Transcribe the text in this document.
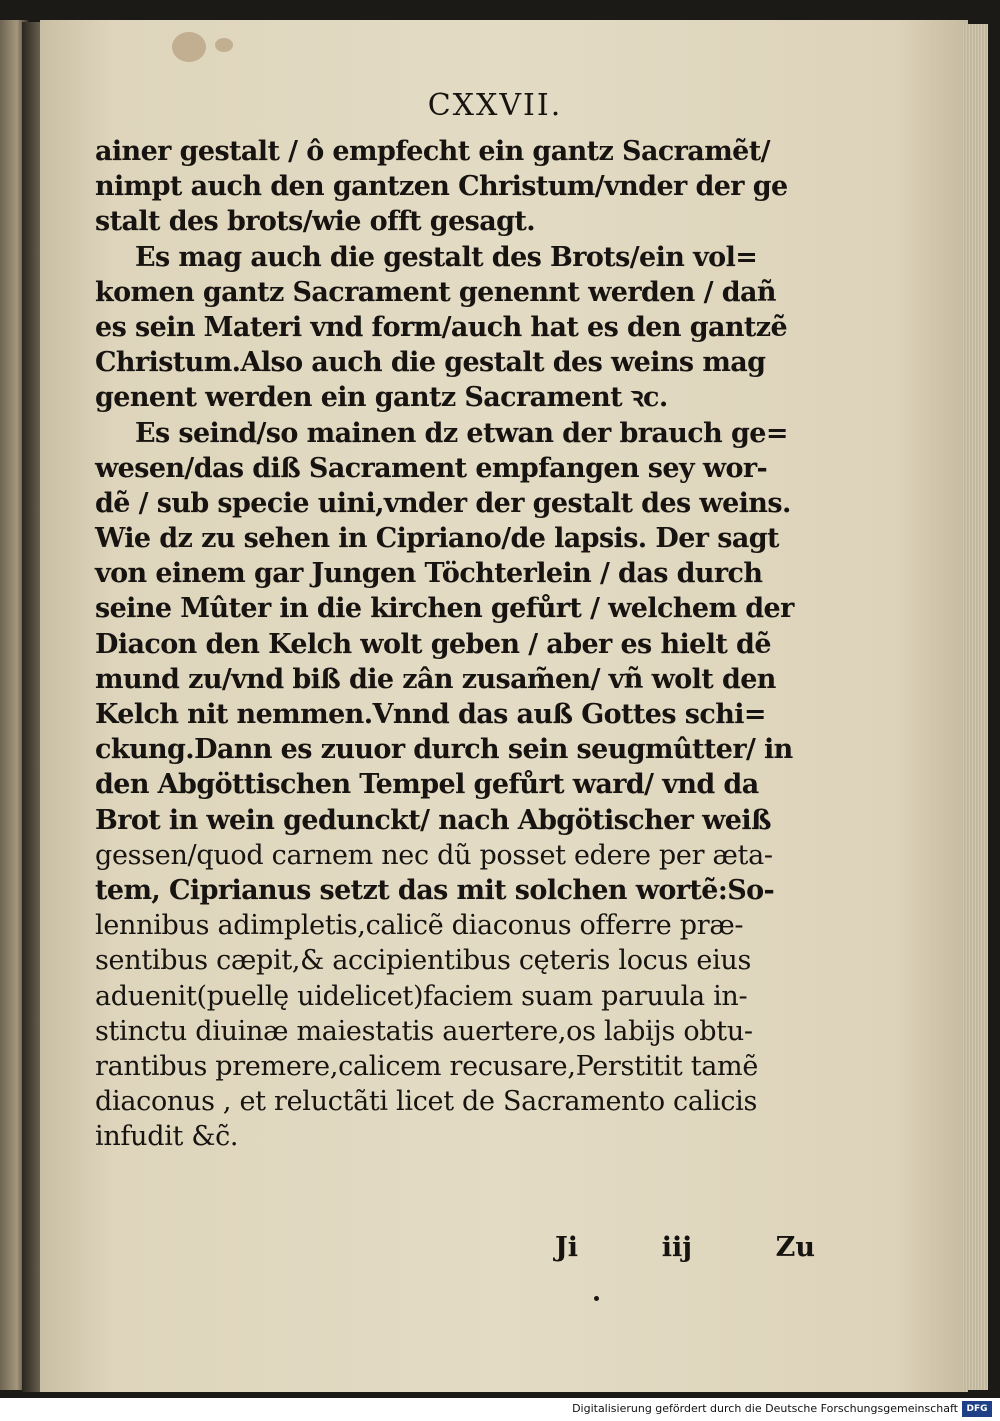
CXXVII.
ainer gestalt / ô empfecht ein gantz Sacramẽt/
nimpt auch den gantzen Christum/vnder der ge
stalt des brots/wie offt gesagt.
Es mag auch die gestalt des Brots/ein vol=
komen gantz Sacrament genennt werden / dañ
es sein Materi vnd form/auch hat es den gantzẽ
Christum.Also auch die gestalt des weins mag
genent werden ein gantz Sacrament ꝛc.
Es seind/so mainen dz etwan der brauch ge=
wesen/das diß Sacrament empfangen sey wor-
dẽ / sub specie uini,vnder der gestalt des weins.
Wie dz zu sehen in Cipriano/de lapsis. Der sagt
von einem gar Jungen Töchterlein / das durch
seine Mûter in die kirchen gefůrt / welchem der
Diacon den Kelch wolt geben / aber es hielt dẽ
mund zu/vnd biß die zân zusam̃en/ vñ wolt den
Kelch nit nemmen.Vnnd das auß Gottes schi=
ckung.Dann es zuuor durch sein seugmûtter/ in
den Abgöttischen Tempel gefůrt ward/ vnd da
Brot in wein gedunckt/ nach Abgötischer weiß
gessen/quod carnem nec dũ posset edere per æta-
tem, Ciprianus setzt das mit solchen wortẽ:So-
lennibus adimpletis,calicẽ diaconus offerre præ-
sentibus cæpit,& accipientibus cęteris locus eius
aduenit(puellę uidelicet)faciem suam paruula in-
stinctu diuinæ maiestatis auertere,os labijs obtu-
rantibus premere,calicem recusare,Perstitit tamẽ
diaconus , et reluctãti licet de Sacramento calicis
infudit &c̃.
Ji	iij	Zu
Digitalisierung gefördert durch die Deutsche Forschungsgemeinschaft DFG
